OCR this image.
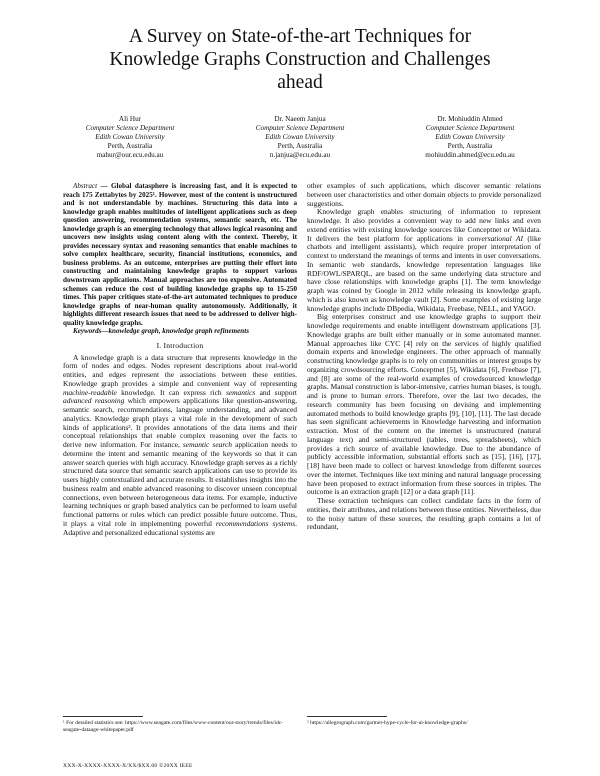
A Survey on State-of-the-art Techniques for
Knowledge Graphs Construction and Challenges
ahead
Ali Hur
Computer Science Department
Edith Cowan University
Perth, Australia
mahur@our.ecu.edu.au
Dr. Naeem Janjua
Computer Science Department
Edith Cowan University
Perth, Australia
n.janjua@ecu.edu.au
Dr. Mohiuddin Ahmed
Computer Science Department
Edith Cowan University
Perth, Australia
mohiuddin.ahmed@ecu.edu.au

Abstract — Global datasphere is increasing fast, and it is expected to reach 175 Zettabytes by 2025¹. However, most of the content is unstructured and is not understandable by machines. Structuring this data into a knowledge graph enables multitudes of intelligent applications such as deep question answering, recommendation systems, semantic search, etc. The knowledge graph is an emerging technology that allows logical reasoning and uncovers new insights using content along with the context. Thereby, it provides necessary syntax and reasoning semantics that enable machines to solve complex healthcare, security, financial institutions, economics, and business problems. As an outcome, enterprises are putting their effort into constructing and maintaining knowledge graphs to support various downstream applications. Manual approaches are too expensive. Automated schemes can reduce the cost of building knowledge graphs up to 15-250 times. This paper critiques state-of-the-art automated techniques to produce knowledge graphs of near-human quality autonomously. Additionally, it highlights different research issues that need to be addressed to deliver high-quality knowledge graphs.

Keywords—knowledge graph, knowledge graph refinements

I. Introduction

A knowledge graph is a data structure that represents knowledge in the form of nodes and edges. Nodes represent descriptions about real-world entities, and edges represent the associations between these entities. Knowledge graph provides a simple and convenient way of representing machine-readable knowledge. It can express rich semantics and support advanced reasoning which empowers applications like question-answering, semantic search, recommendations, language understanding, and advanced analytics. Knowledge graph plays a vital role in the development of such kinds of applications². It provides annotations of the data items and their conceptual relationships that enable complex reasoning over the facts to derive new information. For instance, semantic search application needs to determine the intent and semantic meaning of the keywords so that it can answer search queries with high accuracy. Knowledge graph serves as a richly structured data source that semantic search applications can use to provide its users highly contextualized and accurate results. It establishes insights into the business realm and enable advanced reasoning to discover unseen conceptual connections, even between heterogeneous data items. For example, inductive learning techniques or graph based analytics can be performed to learn useful functional patterns or rules which can predict possible future outcome. Thus, it plays a vital role in implementing powerful recommendations systems. Adaptive and personalized educational systems are

other examples of such applications, which discover semantic relations between user characteristics and other domain objects to provide personalized suggestions.

Knowledge graph enables structuring of information to represent knowledge. It also provides a convenient way to add new links and even extend entities with existing knowledge sources like Conceptnet or Wikidata. It delivers the best platform for applications in conversational AI (like chatbots and intelligent assistants), which require proper interpretation of context to understand the meanings of terms and intents in user conversations. In semantic web standards, knowledge representation languages like RDF/OWL/SPARQL, are based on the same underlying data structure and have close relationships with knowledge graphs [1]. The term knowledge graph was coined by Google in 2012 while releasing its knowledge graph, which is also known as knowledge vault [2]. Some examples of existing large knowledge graphs include DBpedia, Wikidata, Freebase, NELL, and YAGO.

Big enterprises construct and use knowledge graphs to support their knowledge requirements and enable intelligent downstream applications [3]. Knowledge graphs are built either manually or in some automated manner. Manual approaches like CYC [4] rely on the services of highly qualified domain experts and knowledge engineers. The other approach of manually constructing knowledge graphs is to rely on communities or interest groups by organizing crowdsourcing efforts. Conceptnet [5], Wikidata [6], Freebase [7], and [8] are some of the real-world examples of crowdsourced knowledge graphs. Manual construction is labor-intensive, carries human biases, is tough, and is prone to human errors. Therefore, over the last two decades, the research community has been focusing on devising and implementing automated methods to build knowledge graphs [9], [10], [11]. The last decade has seen significant achievements in Knowledge harvesting and information extraction. Most of the content on the internet is unstructured (natural language text) and semi-structured (tables, trees, spreadsheets), which provides a rich source of available knowledge. Due to the abundance of publicly accessible information, substantial efforts such as [15], [16], [17], [18] have been made to collect or harvest knowledge from different sources over the internet. Techniques like text mining and natural language processing have been proposed to extract information from these sources in triples. The outcome is an extraction graph [12] or a data graph [11].

These extraction techniques can collect candidate facts in the form of entities, their attributes, and relations between these entities. Nevertheless, due to the noisy nature of these sources, the resulting graph contains a lot of redundant,

¹ For detailed statistics see: https://www.seagate.com/files/www-content/our-story/trends/files/idc-seagate-dataage-whitepaper.pdf
² https://allegrograph.com/gartner-hype-cycle-for-ai-knowledge-graphs/
XXX-X-XXXX-XXXX-X/XX/$XX.00 ©20XX IEEE
